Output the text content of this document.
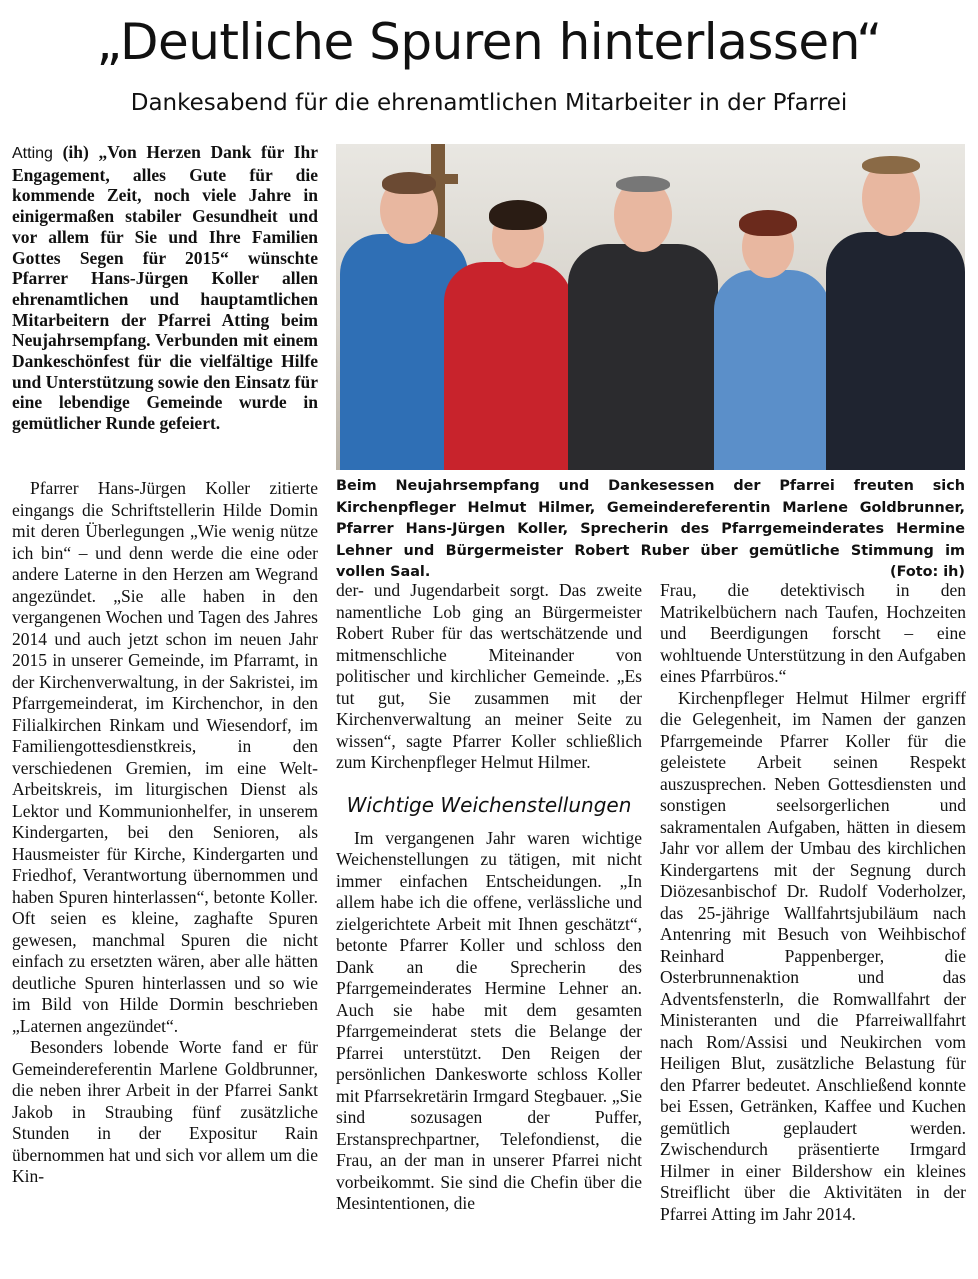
„Deutliche Spuren hinterlassen“
Dankesabend für die ehrenamtlichen Mitarbeiter in der Pfarrei

Atting (ih) „Von Herzen Dank für Ihr Engagement, alles Gute für die kommende Zeit, noch viele Jahre in einigermaßen stabiler Gesundheit und vor allem für Sie und Ihre Familien Gottes Segen für 2015“ wünschte Pfarrer Hans-Jürgen Koller allen ehrenamtlichen und hauptamtlichen Mitarbeitern der Pfarrei Atting beim Neujahrsempfang. Verbunden mit einem Dankeschönfest für die vielfältige Hilfe und Unterstützung sowie den Einsatz für eine lebendige Gemeinde wurde in gemütlicher Runde gefeiert.

Beim Neujahrsempfang und Dankesessen der Pfarrei freuten sich Kirchenpfleger Helmut Hilmer, Gemeindereferentin Marlene Goldbrunner, Pfarrer Hans-Jürgen Koller, Sprecherin des Pfarrgemeinderates Hermine Lehner und Bürgermeister Robert Ruber über gemütliche Stimmung im vollen Saal.	(Foto: ih)

Pfarrer Hans-Jürgen Koller zitierte eingangs die Schriftstellerin Hilde Domin mit deren Überlegungen „Wie wenig nütze ich bin“ – und denn werde die eine oder andere Laterne in den Herzen am Wegrand angezündet. „Sie alle haben in den vergangenen Wochen und Tagen des Jahres 2014 und auch jetzt schon im neuen Jahr 2015 in unserer Gemeinde, im Pfarramt, in der Kirchenverwaltung, in der Sakristei, im Pfarrgemeinderat, im Kirchenchor, in den Filialkirchen Rinkam und Wiesendorf, im Familiengottesdienstkreis, in den verschiedenen Gremien, im eine Welt-Arbeitskreis, im liturgischen Dienst als Lektor und Kommunionhelfer, in unserem Kindergarten, bei den Senioren, als Hausmeister für Kirche, Kindergarten und Friedhof, Verantwortung übernommen und haben Spuren hinterlassen“, betonte Koller. Oft seien es kleine, zaghafte Spuren gewesen, manchmal Spuren die nicht einfach zu ersetzten wären, aber alle hätten deutliche Spuren hinterlassen und so wie im Bild von Hilde Dormin beschrieben „Laternen angezündet“.

Besonders lobende Worte fand er für Gemeindereferentin Marlene Goldbrunner, die neben ihrer Arbeit in der Pfarrei Sankt Jakob in Straubing fünf zusätzliche Stunden in der Expositur Rain übernommen hat und sich vor allem um die Kin-

der- und Jugendarbeit sorgt. Das zweite namentliche Lob ging an Bürgermeister Robert Ruber für das wertschätzende und mitmenschliche Miteinander von politischer und kirchlicher Gemeinde. „Es tut gut, Sie zusammen mit der Kirchenverwaltung an meiner Seite zu wissen“, sagte Pfarrer Koller schließlich zum Kirchenpfleger Helmut Hilmer.

Wichtige Weichenstellungen

Im vergangenen Jahr waren wichtige Weichenstellungen zu tätigen, mit nicht immer einfachen Entscheidungen. „In allem habe ich die offene, verlässliche und zielgerichtete Arbeit mit Ihnen geschätzt“, betonte Pfarrer Koller und schloss den Dank an die Sprecherin des Pfarrgemeinderates Hermine Lehner an. Auch sie habe mit dem gesamten Pfarrgemeinderat stets die Belange der Pfarrei unterstützt. Den Reigen der persönlichen Dankesworte schloss Koller mit Pfarrsekretärin Irmgard Stegbauer. „Sie sind sozusagen der Puffer, Erstansprechpartner, Telefondienst, die Frau, an der man in unserer Pfarrei nicht vorbeikommt. Sie sind die Chefin über die Mesintentionen, die

Frau, die detektivisch in den Matrikelbüchern nach Taufen, Hochzeiten und Beerdigungen forscht – eine wohltuende Unterstützung in den Aufgaben eines Pfarrbüros.“

Kirchenpfleger Helmut Hilmer ergriff die Gelegenheit, im Namen der ganzen Pfarrgemeinde Pfarrer Koller für die geleistete Arbeit seinen Respekt auszusprechen. Neben Gottesdiensten und sonstigen seelsorgerlichen und sakramentalen Aufgaben, hätten in diesem Jahr vor allem der Umbau des kirchlichen Kindergartens mit der Segnung durch Diözesanbischof Dr. Rudolf Voderholzer, das 25-jährige Wallfahrtsjubiläum nach Antenring mit Besuch von Weihbischof Reinhard Pappenberger, die Osterbrunnenaktion und das Adventsfensterln, die Romwallfahrt der Ministeranten und die Pfarreiwallfahrt nach Rom/Assisi und Neukirchen vom Heiligen Blut, zusätzliche Belastung für den Pfarrer bedeutet. Anschließend konnte bei Essen, Getränken, Kaffee und Kuchen gemütlich geplaudert werden. Zwischendurch präsentierte Irmgard Hilmer in einer Bildershow ein kleines Streiflicht über die Aktivitäten in der Pfarrei Atting im Jahr 2014.
